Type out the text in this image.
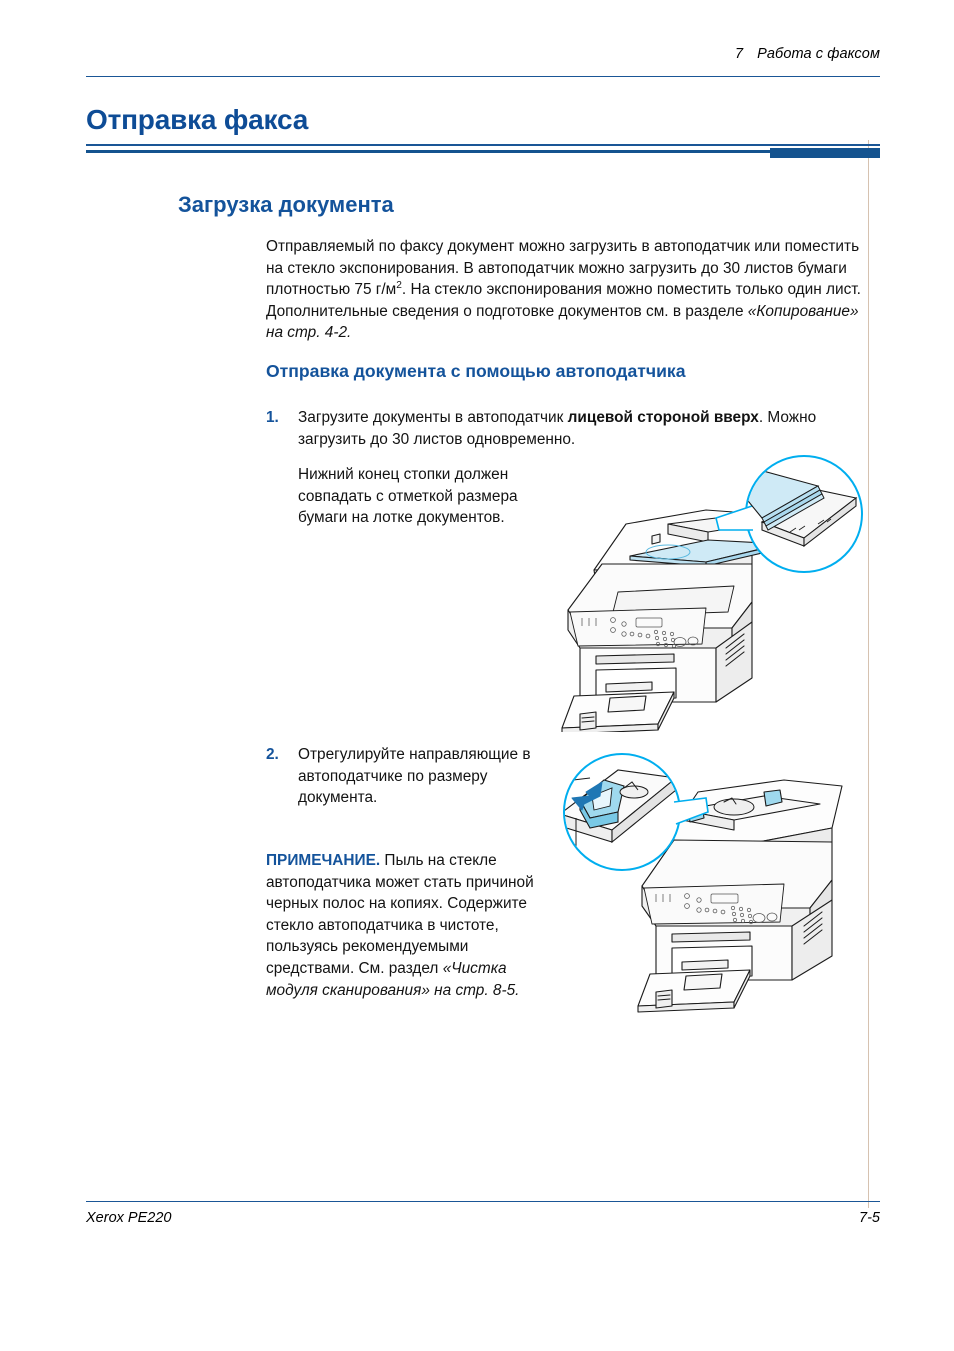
7 Работа с факсом
Отправка факса
Загрузка документа
Отправляемый по факсу документ можно загрузить в автоподатчик или поместить на стекло экспонирования. В автоподатчик можно загрузить до 30 листов бумаги плотностью 75 $г/м^2$. На стекло экспонирования можно поместить только один лист. Дополнительные сведения о подготовке документов см. в разделе «Копирование» на стр. 4-2.
Отправка документа с помощью автоподатчика
1.	Загрузите документы в автоподатчик лицевой стороной вверх. Можно загрузить до 30 листов одновременно.
Нижний конец стопки должен совпадать с отметкой размера бумаги на лотке документов.
2.	Отрегулируйте направляющие в автоподатчике по размеру документа.
ПРИМЕЧАНИЕ. Пыль на стекле автоподатчика может стать причиной черных полос на копиях. Содержите стекло автоподатчика в чистоте, пользуясь рекомендуемыми средствами. См. раздел «Чистка модуля сканирования» на стр. 8-5.
Xerox PE220	7-5
